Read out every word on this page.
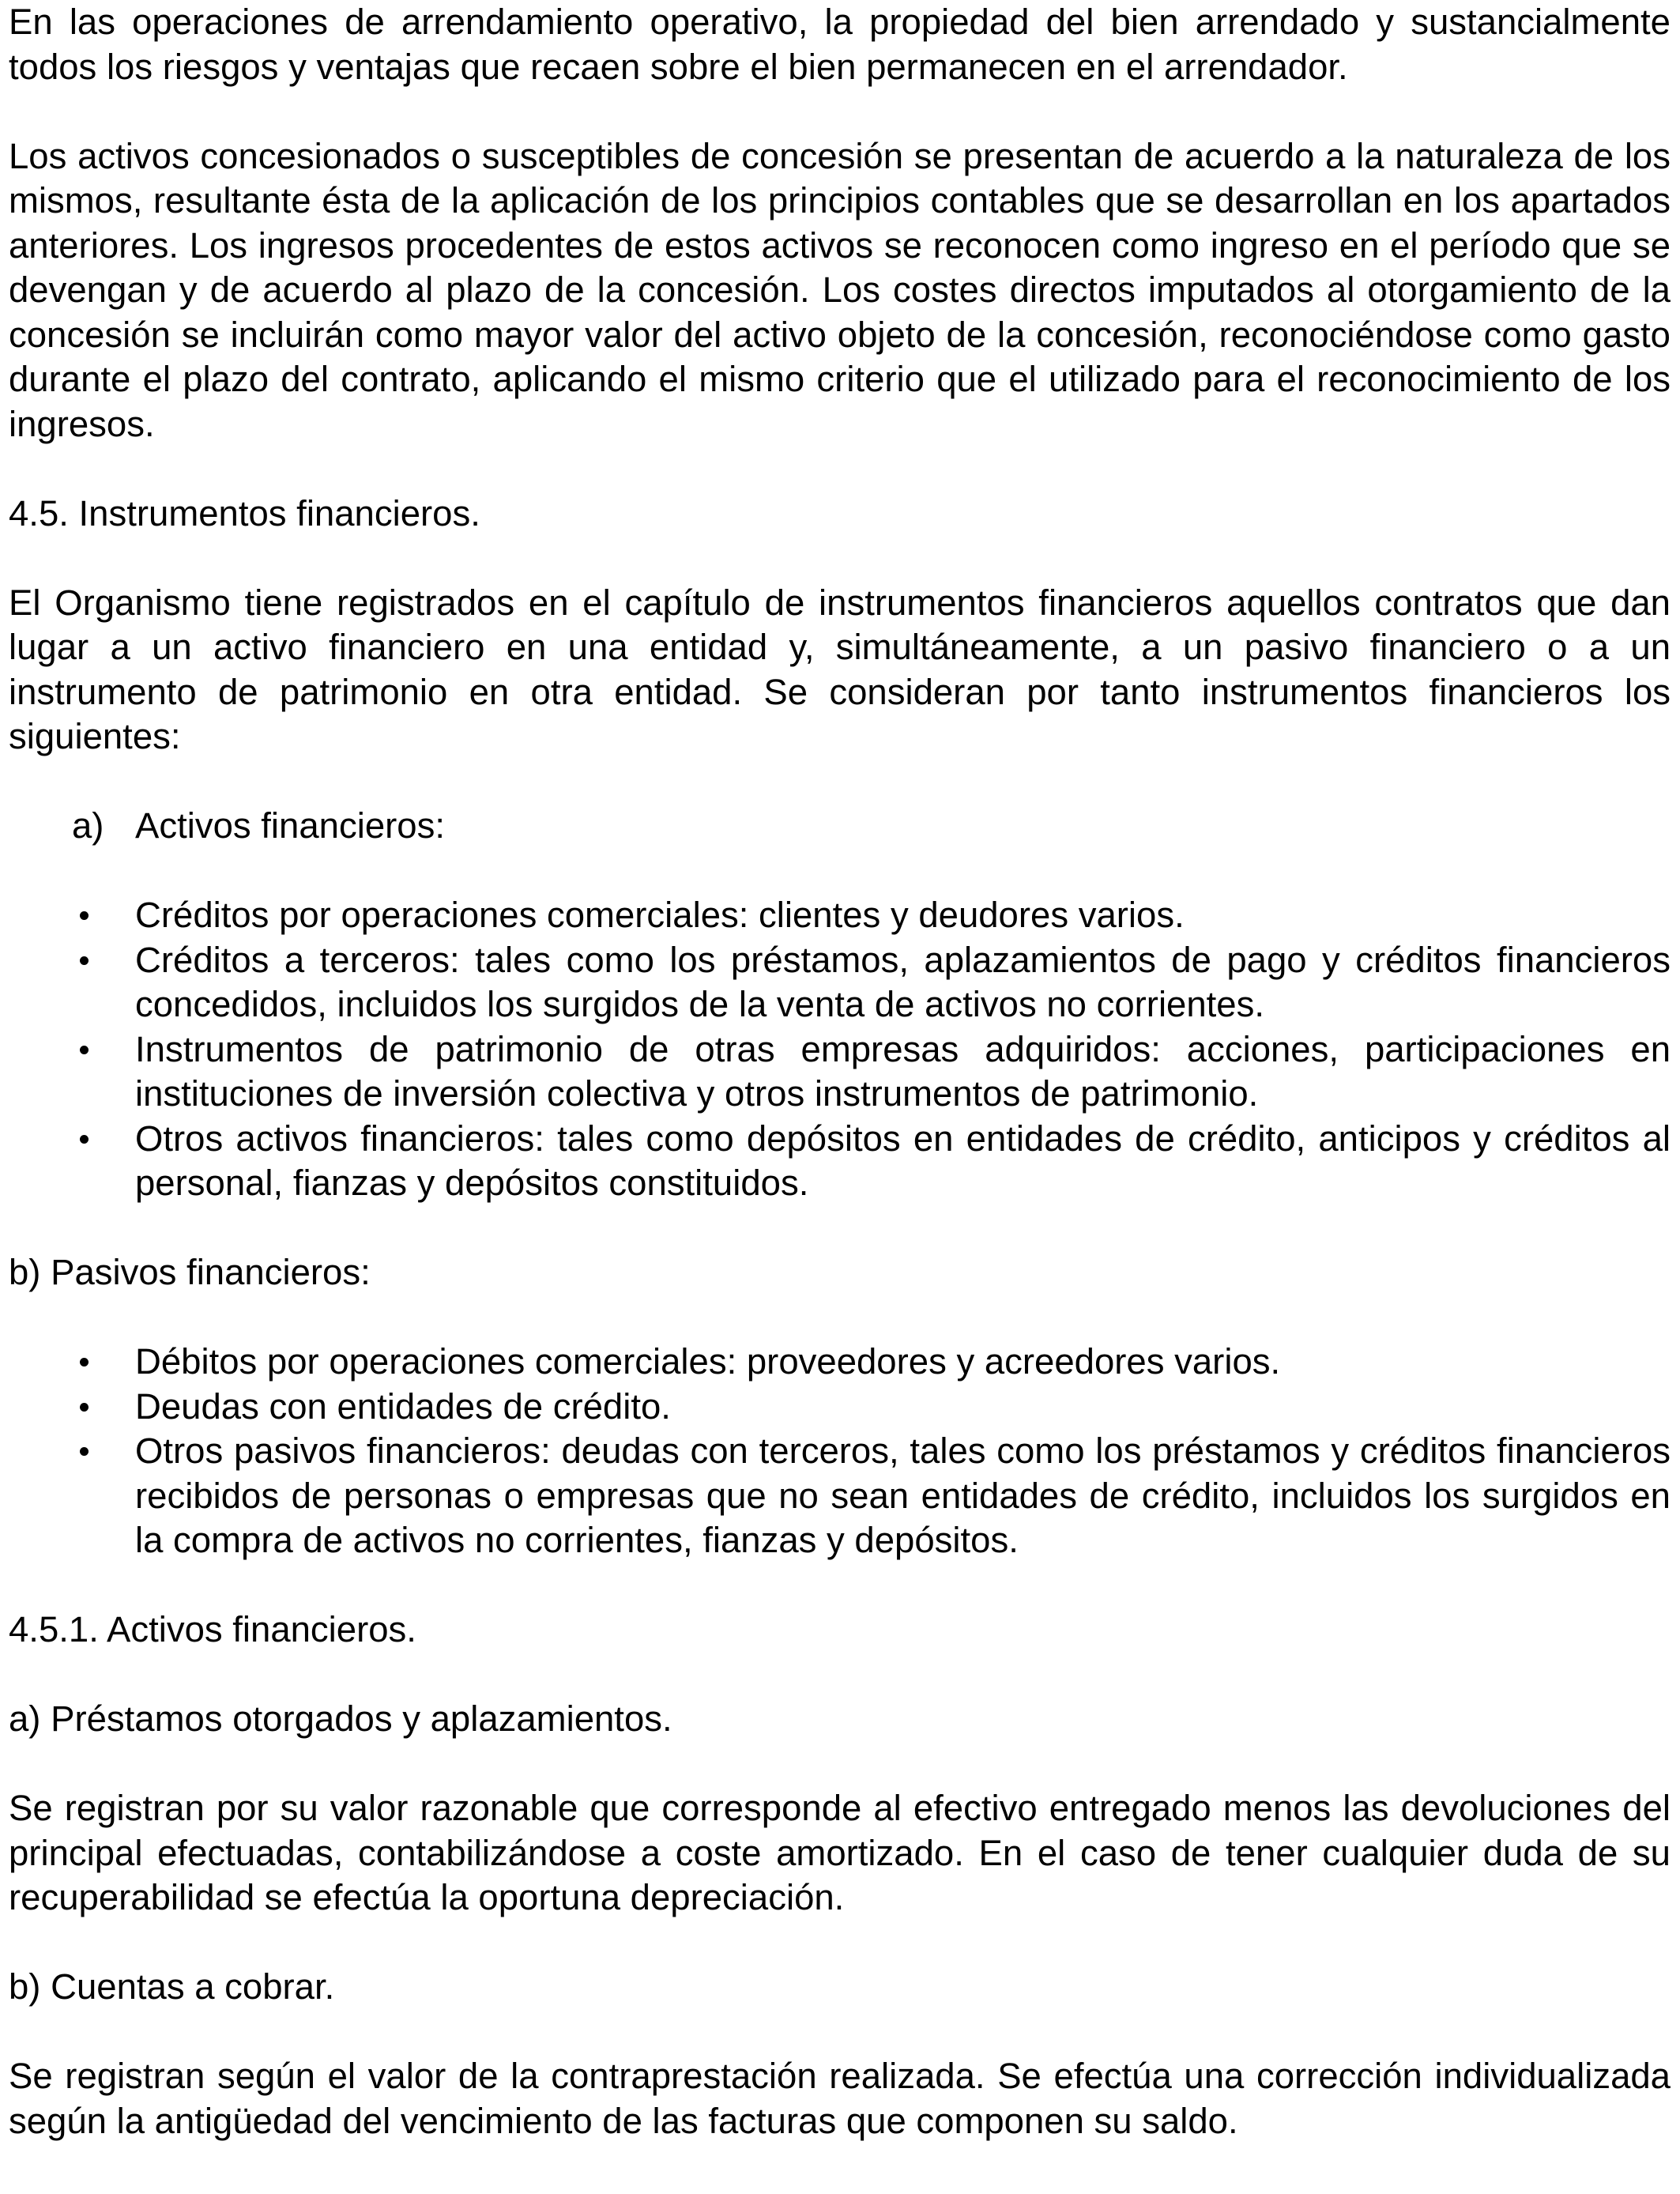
En las operaciones de arrendamiento operativo, la propiedad del bien arrendado y sustancialmente todos los riesgos y ventajas que recaen sobre el bien permanecen en el arrendador.

Los activos concesionados o susceptibles de concesión se presentan de acuerdo a la naturaleza de los mismos, resultante ésta de la aplicación de los principios contables que se desarrollan en los apartados anteriores. Los ingresos procedentes de estos activos se reconocen como ingreso en el período que se devengan y de acuerdo al plazo de la concesión. Los costes directos imputados al otorgamiento de la concesión se incluirán como mayor valor del activo objeto de la concesión, reconociéndose como gasto durante el plazo del contrato, aplicando el mismo criterio que el utilizado para el reconocimiento de los ingresos.

4.5. Instrumentos financieros.

El Organismo tiene registrados en el capítulo de instrumentos financieros aquellos contratos que dan lugar a un activo financiero en una entidad y, simultáneamente, a un pasivo financiero o a un instrumento de patrimonio en otra entidad. Se consideran por tanto instrumentos financieros los siguientes:

a) Activos financieros:
Créditos por operaciones comerciales: clientes y deudores varios.
Créditos a terceros: tales como los préstamos, aplazamientos de pago y créditos financieros concedidos, incluidos los surgidos de la venta de activos no corrientes.
Instrumentos de patrimonio de otras empresas adquiridos: acciones, participaciones en instituciones de inversión colectiva y otros instrumentos de patrimonio.
Otros activos financieros: tales como depósitos en entidades de crédito, anticipos y créditos al personal, fianzas y depósitos constituidos.

b) Pasivos financieros:

Débitos por operaciones comerciales: proveedores y acreedores varios.
Deudas con entidades de crédito.
Otros pasivos financieros: deudas con terceros, tales como los préstamos y créditos financieros recibidos de personas o empresas que no sean entidades de crédito, incluidos los surgidos en la compra de activos no corrientes, fianzas y depósitos.

4.5.1. Activos financieros.

a) Préstamos otorgados y aplazamientos.

Se registran por su valor razonable que corresponde al efectivo entregado menos las devoluciones del principal efectuadas, contabilizándose a coste amortizado. En el caso de tener cualquier duda de su recuperabilidad se efectúa la oportuna depreciación.

b) Cuentas a cobrar.

Se registran según el valor de la contraprestación realizada. Se efectúa una corrección individualizada según la antigüedad del vencimiento de las facturas que componen su saldo.
